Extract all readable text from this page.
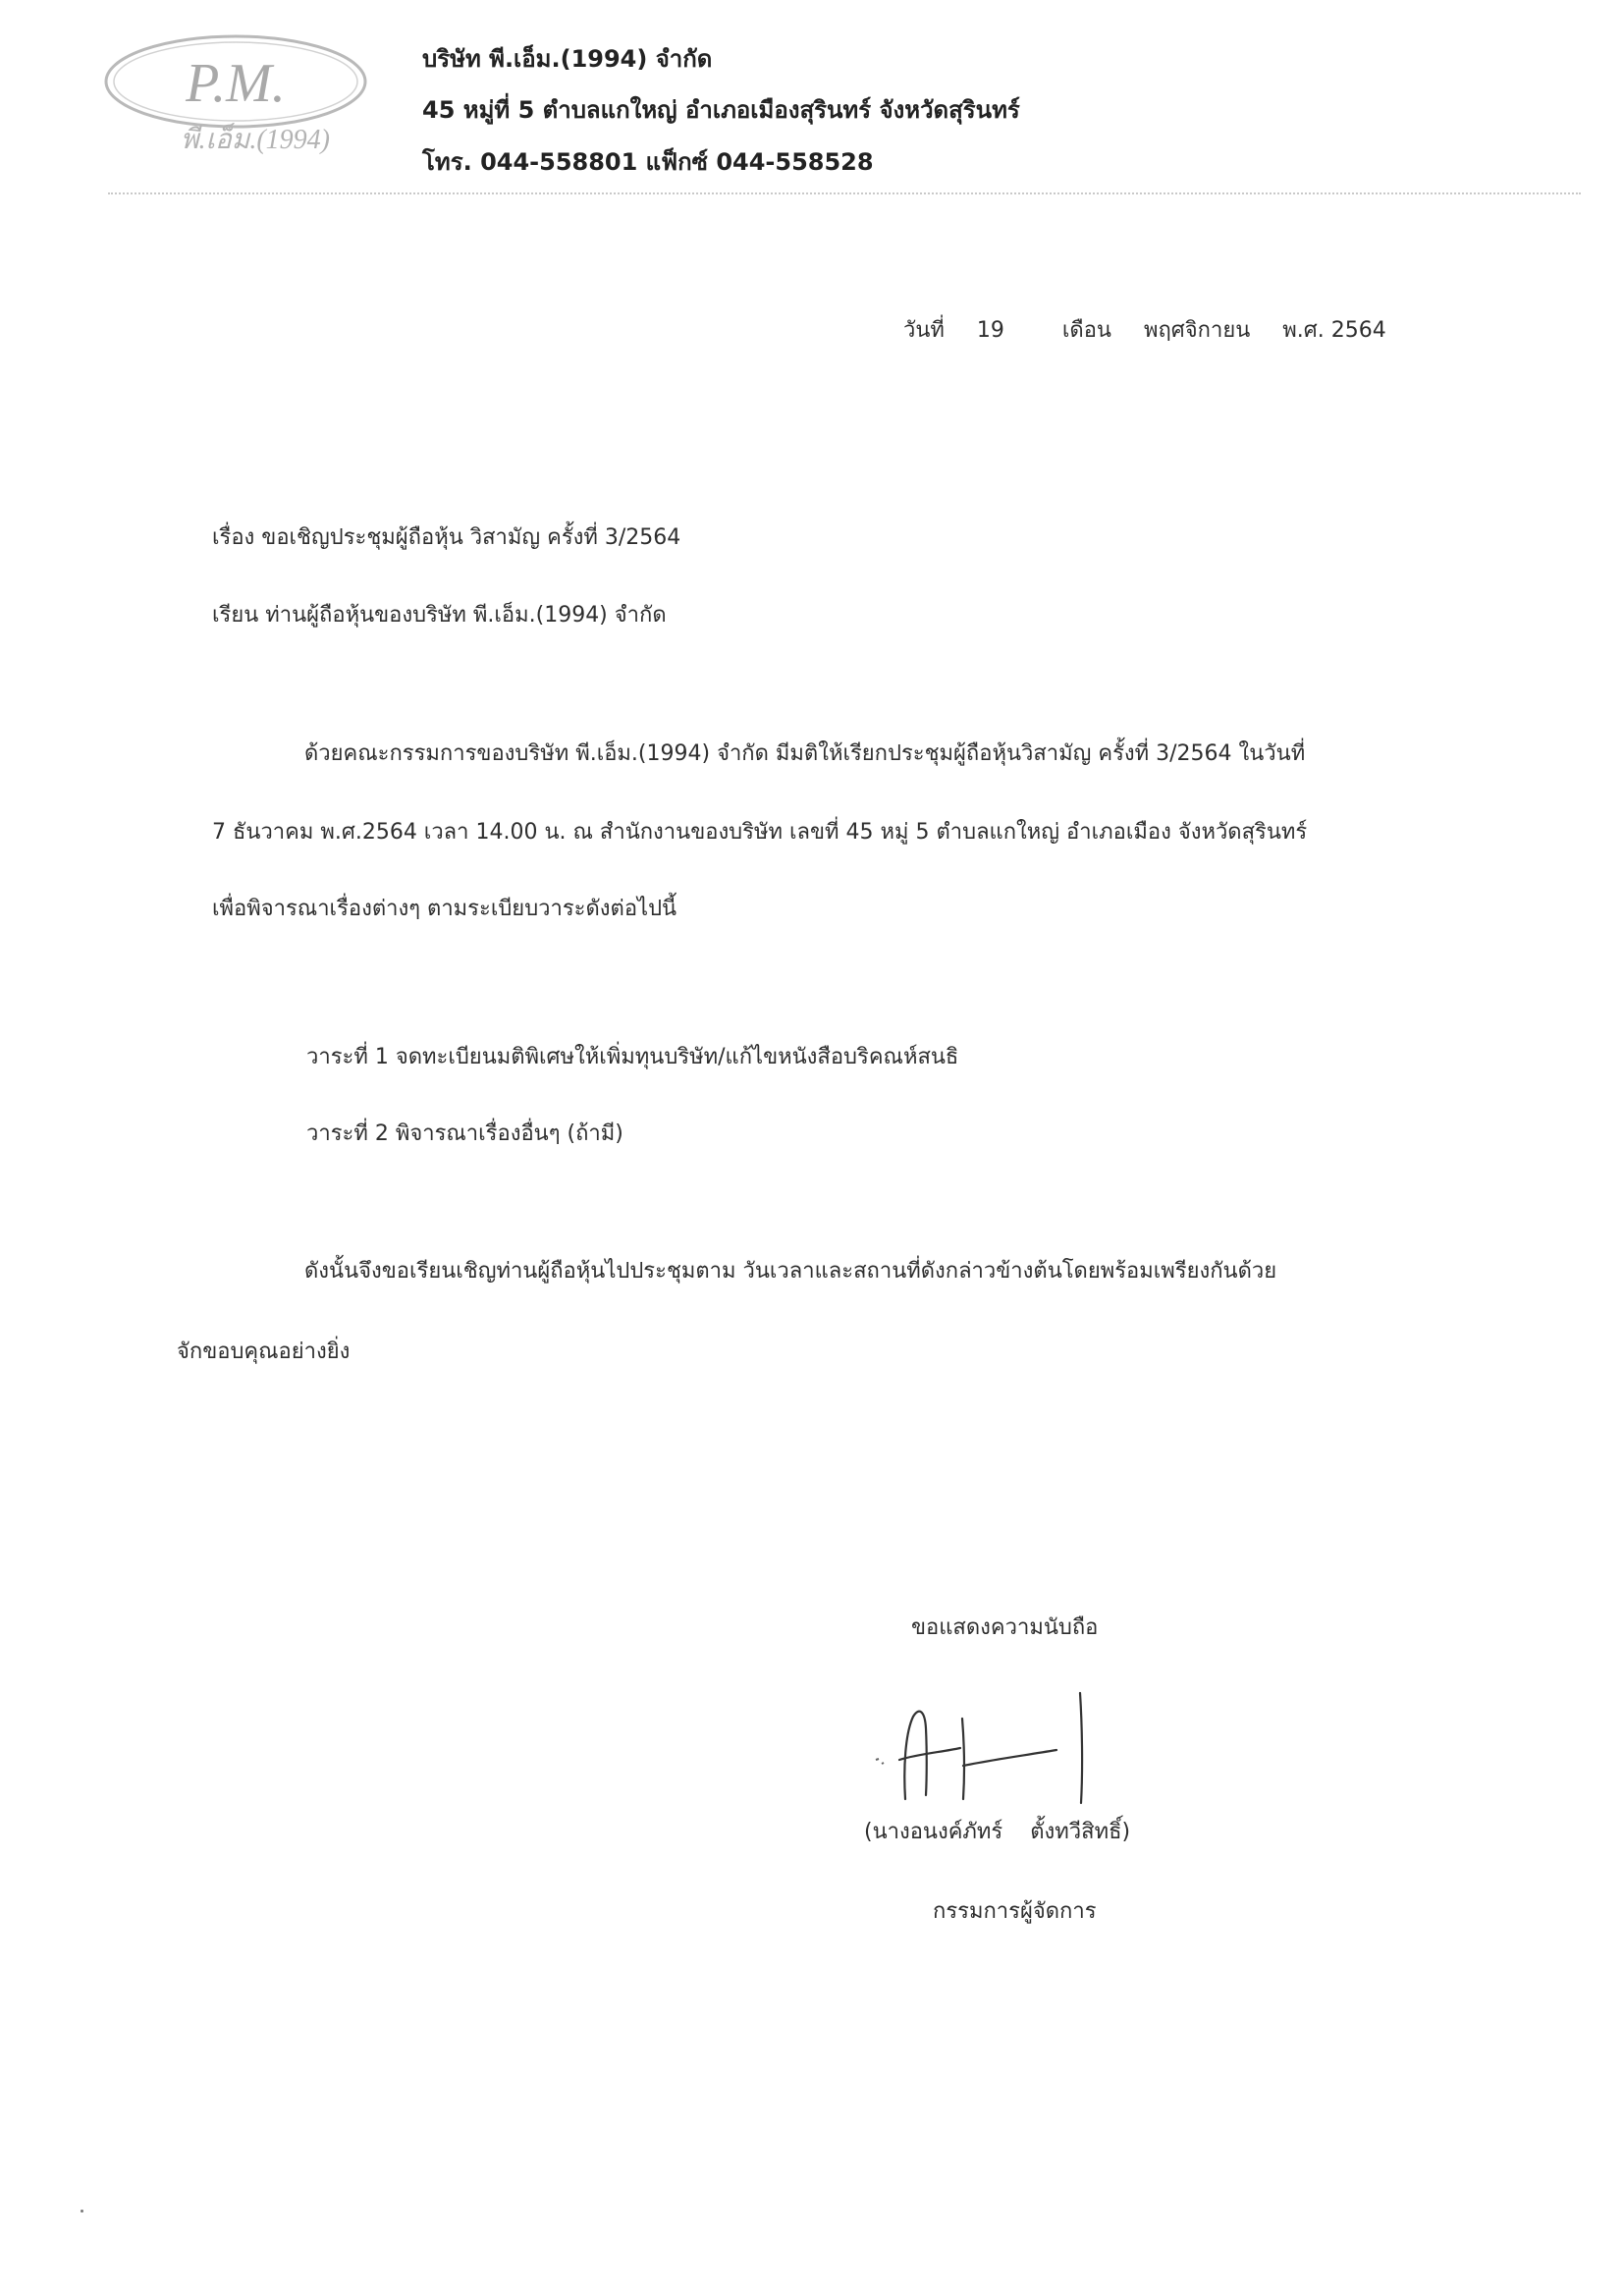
P.M.
พี.เอ็ม.(1994)
บริษัท พี.เอ็ม.(1994) จำกัด
45 หมู่ที่ 5 ตำบลแกใหญ่ อำเภอเมืองสุรินทร์ จังหวัดสุรินทร์
โทร. 044-558801 แฟ็กซ์ 044-558528
วันที่ 19	เดือน พฤศจิกายน พ.ศ. 2564
เรื่อง ขอเชิญประชุมผู้ถือหุ้น วิสามัญ ครั้งที่ 3/2564
เรียน ท่านผู้ถือหุ้นของบริษัท พี.เอ็ม.(1994) จำกัด
ด้วยคณะกรรมการของบริษัท พี.เอ็ม.(1994) จำกัด มีมติให้เรียกประชุมผู้ถือหุ้นวิสามัญ ครั้งที่ 3/2564 ในวันที่
7 ธันวาคม พ.ศ.2564 เวลา 14.00 น. ณ สำนักงานของบริษัท เลขที่ 45 หมู่ 5 ตำบลแกใหญ่ อำเภอเมือง จังหวัดสุรินทร์
เพื่อพิจารณาเรื่องต่างๆ ตามระเบียบวาระดังต่อไปนี้
วาระที่ 1 จดทะเบียนมติพิเศษให้เพิ่มทุนบริษัท/แก้ไขหนังสือบริคณห์สนธิ
วาระที่ 2 พิจารณาเรื่องอื่นๆ (ถ้ามี)
ดังนั้นจึงขอเรียนเชิญท่านผู้ถือหุ้นไปประชุมตาม วันเวลาและสถานที่ดังกล่าวข้างต้นโดยพร้อมเพรียงกันด้วย
จักขอบคุณอย่างยิ่ง
ขอแสดงความนับถือ
(นางอนงค์ภัทร์ ตั้งทวีสิทธิ์)
กรรมการผู้จัดการ
